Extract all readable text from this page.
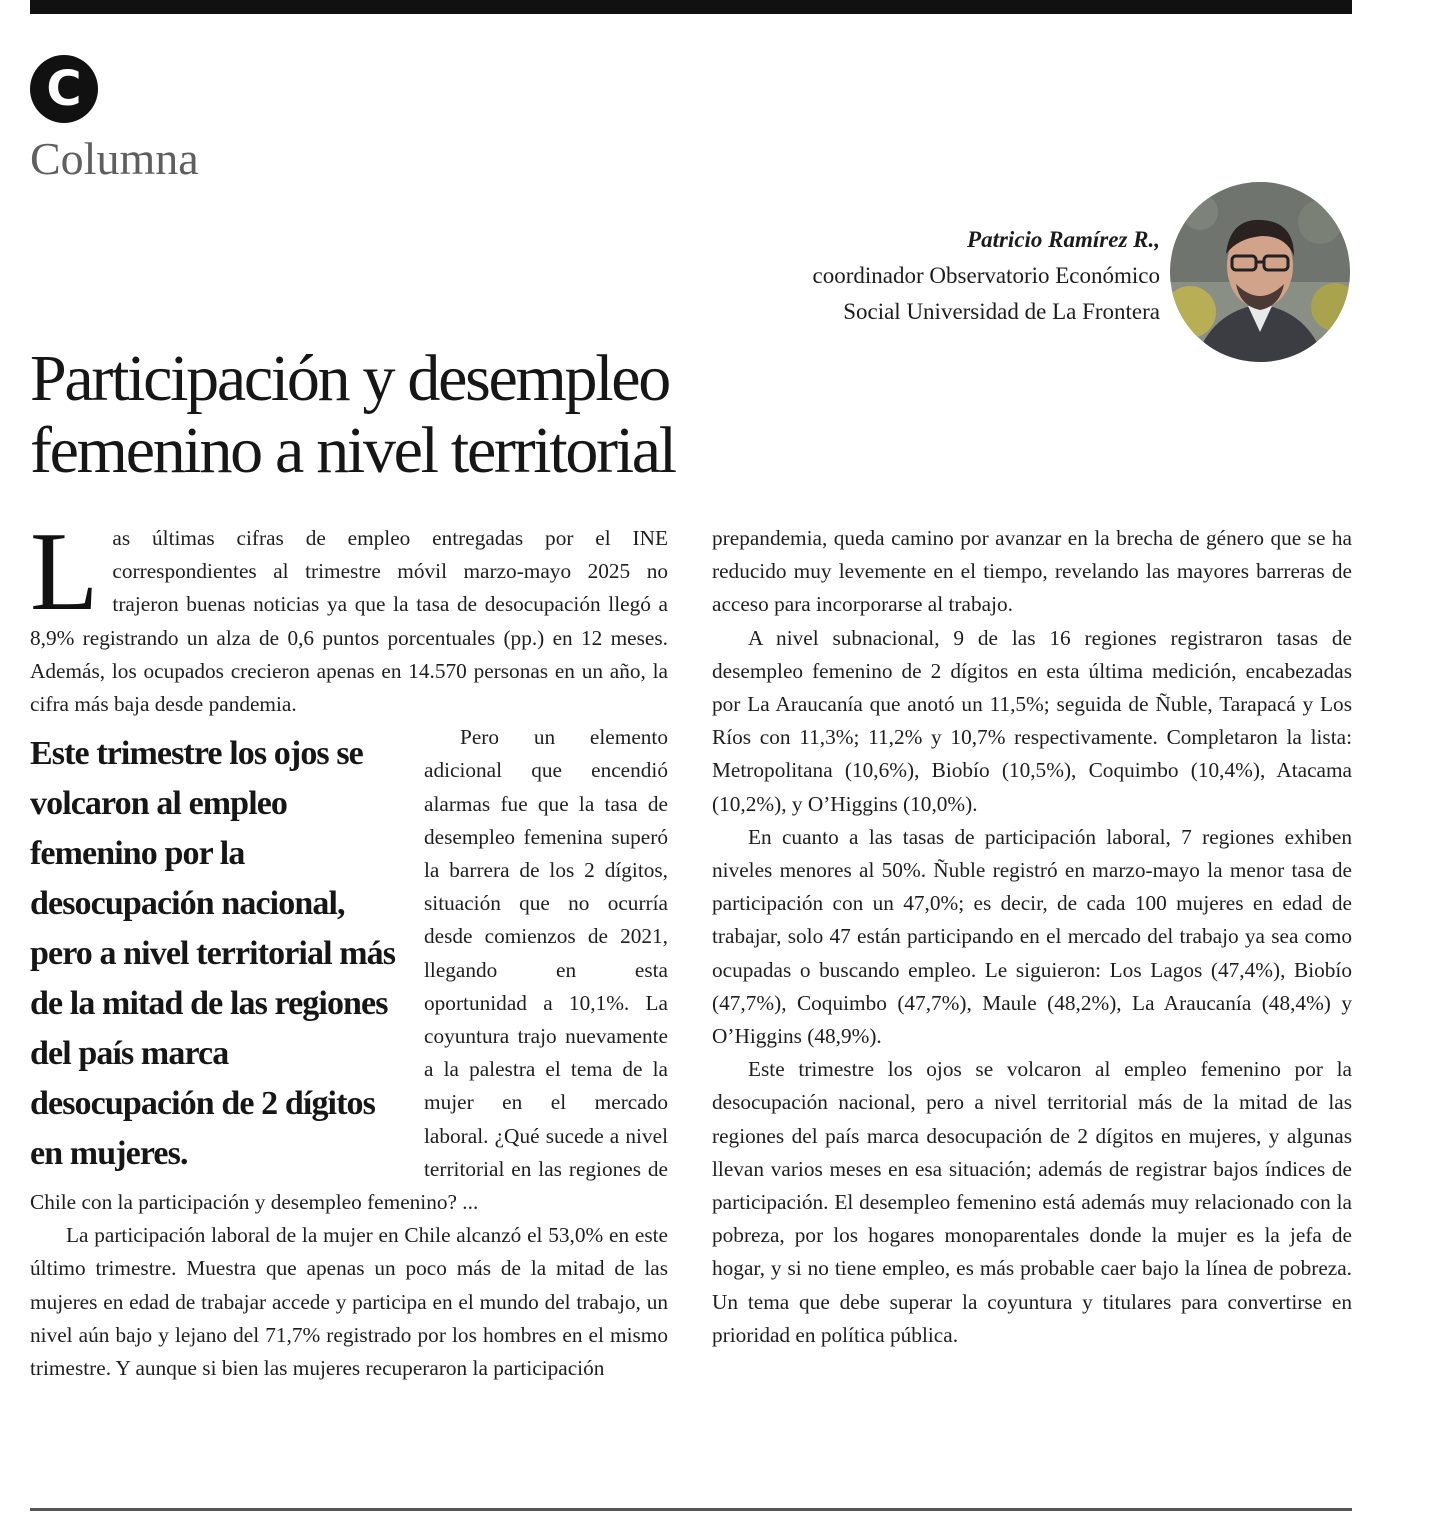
C
Columna
Patricio Ramírez R.,
coordinador Observatorio Económico
Social Universidad de La Frontera
Participación y desempleo femenino a nivel territorial
L as últimas cifras de empleo entregadas por el INE correspondientes al trimestre móvil marzo-mayo 2025 no trajeron buenas noticias ya que la tasa de desocupación llegó a 8,9% registrando un alza de 0,6 puntos porcentuales (pp.) en 12 meses. Además, los ocupados crecieron apenas en 14.570 personas en un año, la cifra más baja desde pandemia.

Este trimestre los ojos se volcaron al empleo femenino por la desocupación nacional, pero a nivel territorial más de la mitad de las regiones del país marca desocupación de 2 dígitos en mujeres.

Pero un elemento adicional que encendió alarmas fue que la tasa de desempleo femenina superó la barrera de los 2 dígitos, situación que no ocurría desde comienzos de 2021, llegando en esta oportunidad a 10,1%. La coyuntura trajo nuevamente a la palestra el tema de la mujer en el mercado laboral. ¿Qué sucede a nivel territorial en las regiones de Chile con la participación y desempleo femenino? ...

La participación laboral de la mujer en Chile alcanzó el 53,0% en este último trimestre. Muestra que apenas un poco más de la mitad de las mujeres en edad de trabajar accede y participa en el mundo del trabajo, un nivel aún bajo y lejano del 71,7% registrado por los hombres en el mismo trimestre. Y aunque si bien las mujeres recuperaron la participación

prepandemia, queda camino por avanzar en la brecha de género que se ha reducido muy levemente en el tiempo, revelando las mayores barreras de acceso para incorporarse al trabajo.

A nivel subnacional, 9 de las 16 regiones registraron tasas de desempleo femenino de 2 dígitos en esta última medición, encabezadas por La Araucanía que anotó un 11,5%; seguida de Ñuble, Tarapacá y Los Ríos con 11,3%; 11,2% y 10,7% respectivamente. Completaron la lista: Metropolitana (10,6%), Biobío (10,5%), Coquimbo (10,4%), Atacama (10,2%), y O’Higgins (10,0%).

En cuanto a las tasas de participación laboral, 7 regiones exhiben niveles menores al 50%. Ñuble registró en marzo-mayo la menor tasa de participación con un 47,0%; es decir, de cada 100 mujeres en edad de trabajar, solo 47 están participando en el mercado del trabajo ya sea como ocupadas o buscando empleo. Le siguieron: Los Lagos (47,4%), Biobío (47,7%), Coquimbo (47,7%), Maule (48,2%), La Araucanía (48,4%) y O’Higgins (48,9%).

Este trimestre los ojos se volcaron al empleo femenino por la desocupación nacional, pero a nivel territorial más de la mitad de las regiones del país marca desocupación de 2 dígitos en mujeres, y algunas llevan varios meses en esa situación; además de registrar bajos índices de participación. El desempleo femenino está además muy relacionado con la pobreza, por los hogares monoparentales donde la mujer es la jefa de hogar, y si no tiene empleo, es más probable caer bajo la línea de pobreza. Un tema que debe superar la coyuntura y titulares para convertirse en prioridad en política pública.
